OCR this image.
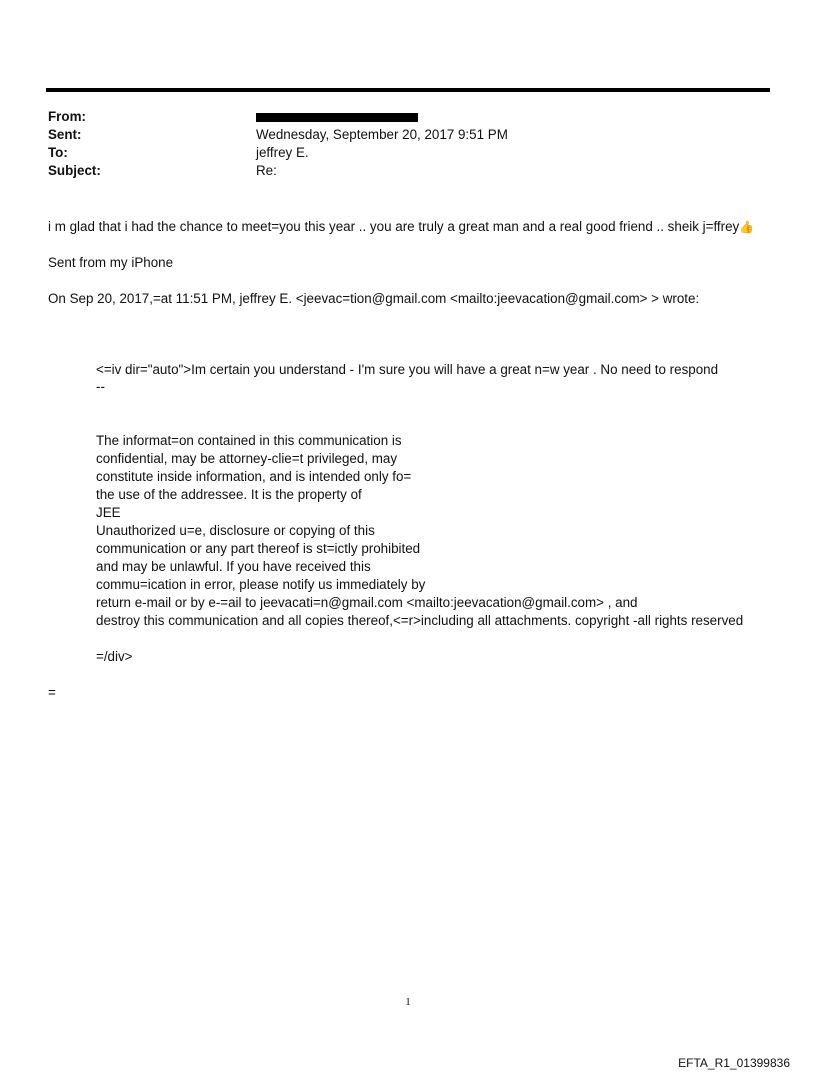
From:
Sent:	Wednesday, September 20, 2017 9:51 PM
To:	jeffrey E.
Subject:	Re:
i m glad that i had the chance to meet=you this year .. you are truly a great man and a real good friend .. sheik j=ffrey👍
Sent from my iPhone
On Sep 20, 2017,=at 11:51 PM, jeffrey E. <jeevac=tion@gmail.com <mailto:jeevacation@gmail.com> > wrote:
<=iv dir="auto">Im certain you understand - I'm sure you will have a great n=w year . No need to respond
--
The informat=on contained in this communication is
confidential, may be attorney-clie=t privileged, may
constitute inside information, and is intended only fo=
the use of the addressee. It is the property of
JEE
Unauthorized u=e, disclosure or copying of this
communication or any part thereof is st=ictly prohibited
and may be unlawful. If you have received this
commu=ication in error, please notify us immediately by
return e-mail or by e-=ail to jeevacati=n@gmail.com <mailto:jeevacation@gmail.com> , and
destroy this communication and all copies thereof,<=r>including all attachments. copyright -all rights reserved
=/div>
=
1
EFTA_R1_01399836
